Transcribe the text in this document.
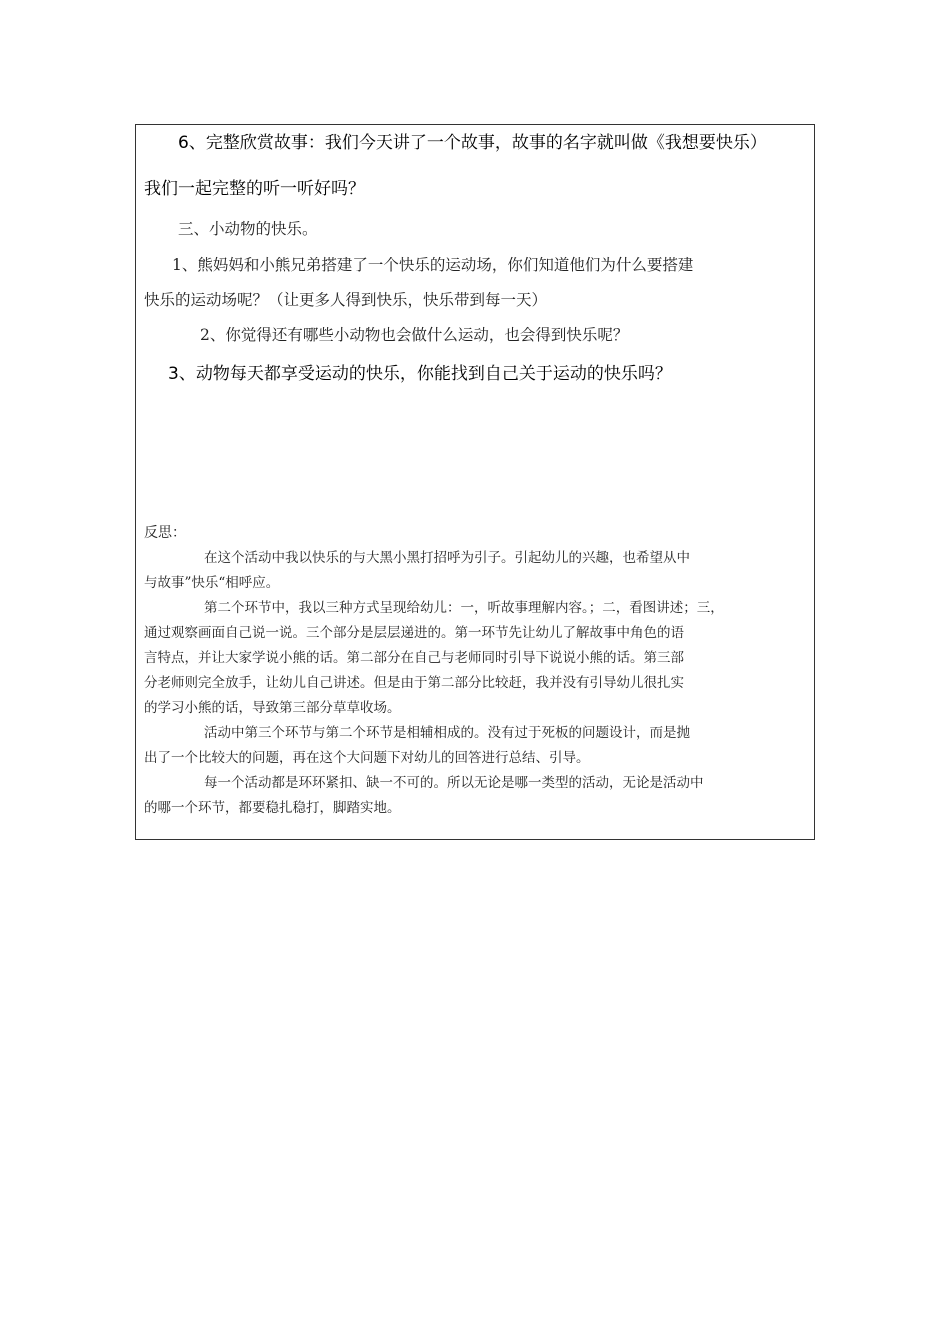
6、完整欣赏故事：我们今天讲了一个故事，故事的名字就叫做《我想要快乐）
我们一起完整的听一听好吗？
三、小动物的快乐。
1、熊妈妈和小熊兄弟搭建了一个快乐的运动场，你们知道他们为什么要搭建
快乐的运动场呢？（让更多人得到快乐，快乐带到每一天）
2、你觉得还有哪些小动物也会做什么运动，也会得到快乐呢？
3、动物每天都享受运动的快乐，你能找到自己关于运动的快乐吗？
反思：
在这个活动中我以快乐的与大黑小黑打招呼为引子。引起幼儿的兴趣，也希望从中
与故事”快乐“相呼应。
第二个环节中，我以三种方式呈现给幼儿：一，听故事理解内容。；二，看图讲述；三，
通过观察画面自己说一说。三个部分是层层递进的。第一环节先让幼儿了解故事中角色的语
言特点，并让大家学说小熊的话。第二部分在自己与老师同时引导下说说小熊的话。第三部
分老师则完全放手，让幼儿自己讲述。但是由于第二部分比较赶，我并没有引导幼儿很扎实
的学习小熊的话，导致第三部分草草收场。
活动中第三个环节与第二个环节是相辅相成的。没有过于死板的问题设计，而是抛
出了一个比较大的问题，再在这个大问题下对幼儿的回答进行总结、引导。
每一个活动都是环环紧扣、缺一不可的。所以无论是哪一类型的活动，无论是活动中
的哪一个环节，都要稳扎稳打，脚踏实地。
